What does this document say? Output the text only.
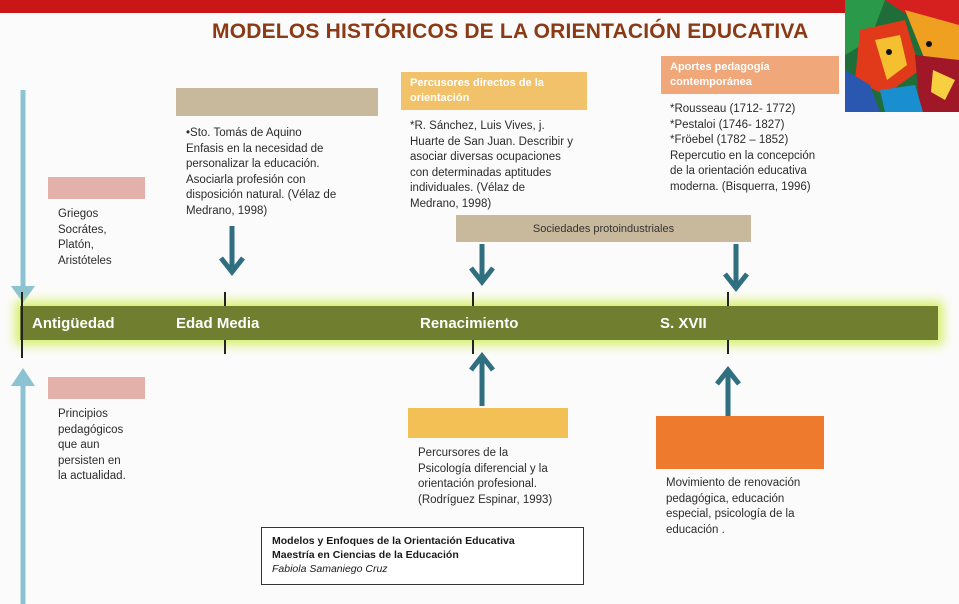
MODELOS HISTÓRICOS DE LA ORIENTACIÓN EDUCATIVA
Griegos
Socrátes,
Platón,
Aristóteles
Principios
pedagógicos
que aun
persisten en
la actualidad.
•Sto. Tomás de Aquino
Enfasis en la necesidad de
personalizar la educación.
Asociarla profesión con
disposición natural. (Vélaz de
Medrano, 1998)
Percusores directos de la orientación
*R. Sánchez, Luis Vives, j.
Huarte de San Juan. Describir y
asociar diversas ocupaciones
con determinadas aptitudes
individuales. (Vélaz de
Medrano, 1998)
Sociedades protoindustriales
Aportes pedagogía contemporánea
*Rousseau (1712- 1772)
*Pestaloi (1746- 1827)
*Fröebel (1782 – 1852)
Repercutio en la concepción
de la orientación educativa
moderna. (Bisquerra, 1996)
Antigüedad	Edad Media	Renacimiento	S. XVII
Percursores de la
Psicología diferencial y la
orientación profesional.
(Rodríguez Espinar, 1993)
Movimiento de renovación
pedagógica, educación
especial, psicología de la
educación .
Modelos y Enfoques de la Orientación Educativa
Maestría en Ciencias de la Educación
Fabiola Samaniego Cruz
